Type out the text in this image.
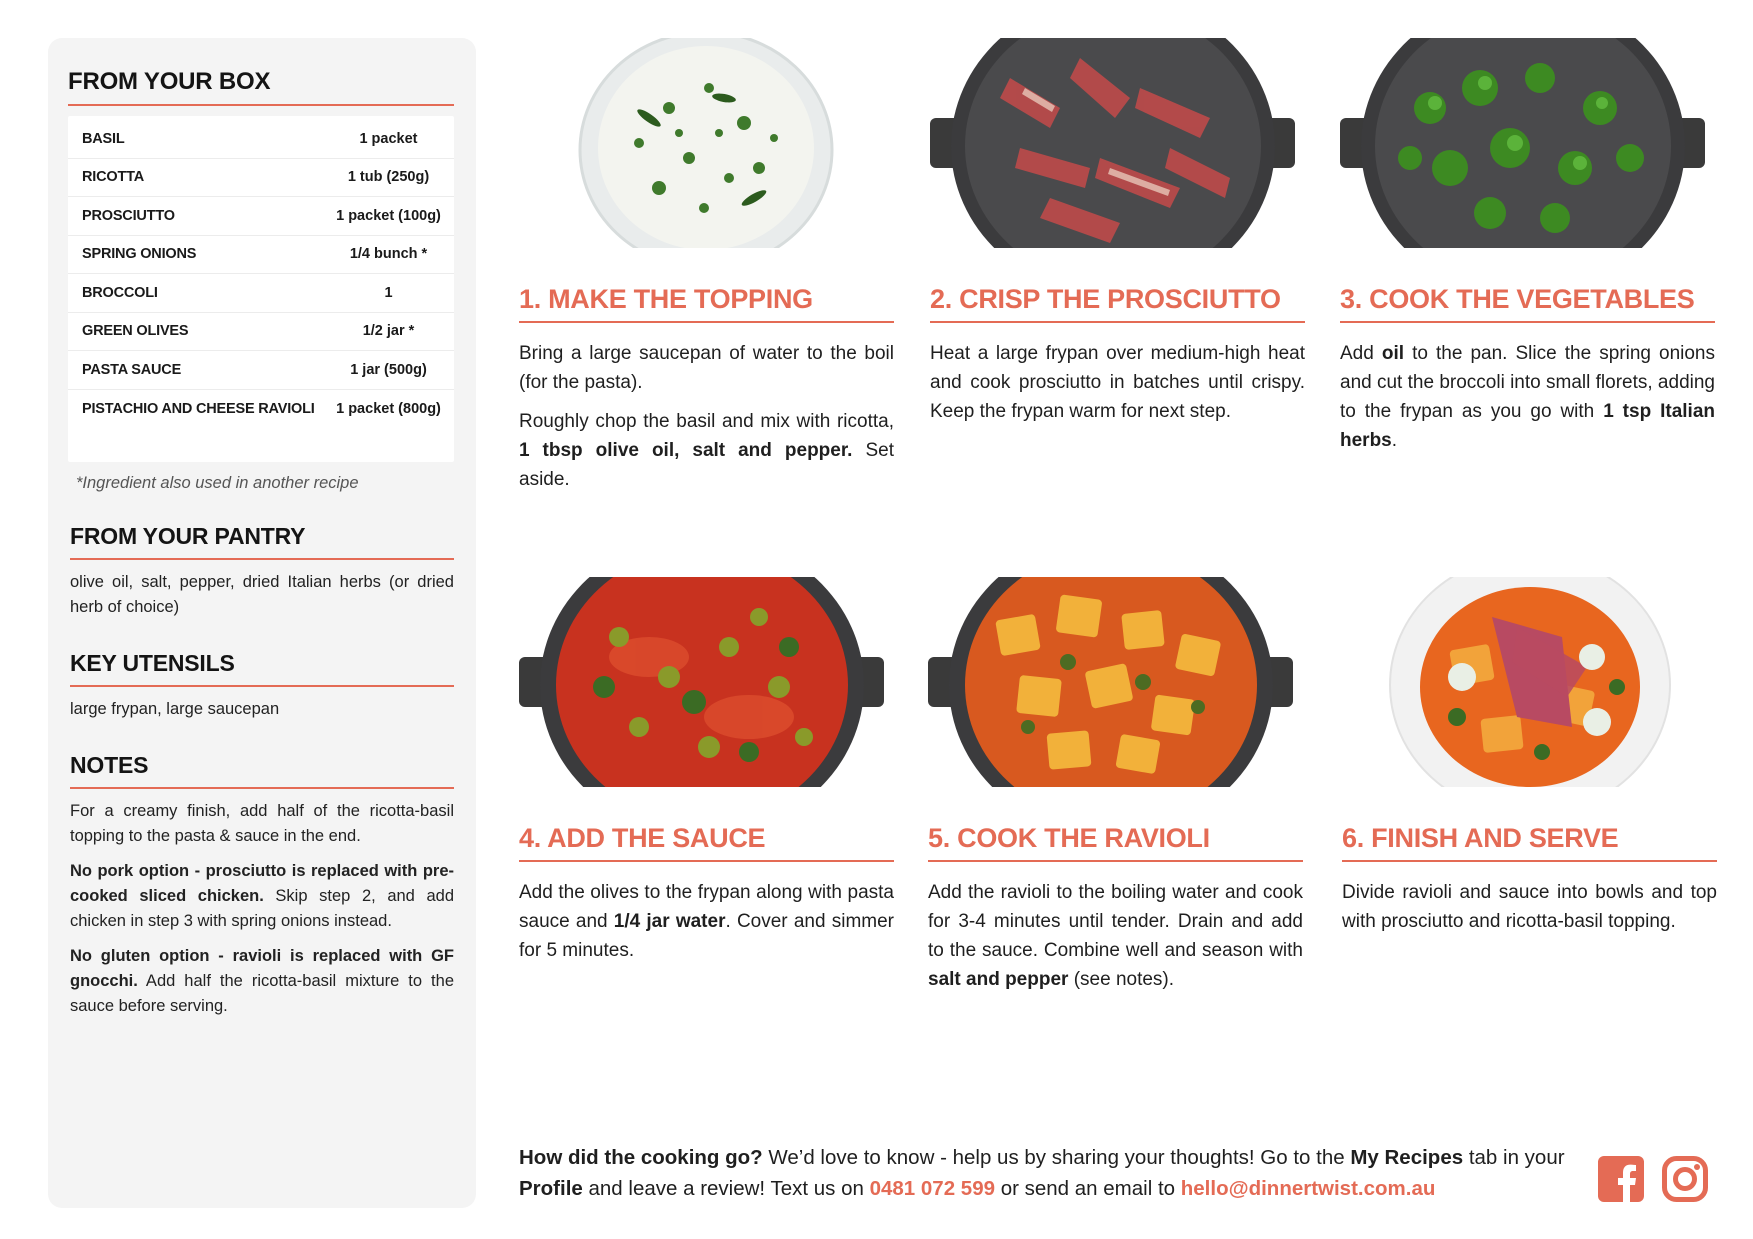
FROM YOUR BOX
BASIL	1 packet
RICOTTA	1 tub (250g)
PROSCIUTTO	1 packet (100g)
SPRING ONIONS	1/4 bunch *
BROCCOLI	1
GREEN OLIVES	1/2 jar *
PASTA SAUCE	1 jar (500g)
PISTACHIO AND CHEESE RAVIOLI	1 packet (800g)
*Ingredient also used in another recipe
FROM YOUR PANTRY

olive oil, salt, pepper, dried Italian herbs (or dried herb of choice)

KEY UTENSILS

large frypan, large saucepan

NOTES

For a creamy finish, add half of the ricotta-basil topping to the pasta & sauce in the end.

No pork option - prosciutto is replaced with pre-cooked sliced chicken. Skip step 2, and add chicken in step 3 with spring onions instead.

No gluten option - ravioli is replaced with GF gnocchi. Add half the ricotta-basil mixture to the sauce before serving.

1. MAKE THE TOPPING

Bring a large saucepan of water to the boil (for the pasta).

Roughly chop the basil and mix with ricotta, 1 tbsp olive oil, salt and pepper. Set aside.

2. CRISP THE PROSCIUTTO

Heat a large frypan over medium-high heat and cook prosciutto in batches until crispy. Keep the frypan warm for next step.

3. COOK THE VEGETABLES

Add oil to the pan. Slice the spring onions and cut the broccoli into small florets, adding to the frypan as you go with 1 tsp Italian herbs.

4. ADD THE SAUCE

Add the olives to the frypan along with pasta sauce and 1/4 jar water. Cover and simmer for 5 minutes.

5. COOK THE RAVIOLI

Add the ravioli to the boiling water and cook for 3-4 minutes until tender. Drain and add to the sauce. Combine well and season with salt and pepper (see notes).

6. FINISH AND SERVE

Divide ravioli and sauce into bowls and top with prosciutto and ricotta-basil topping.

How did the cooking go? We’d love to know - help us by sharing your thoughts! Go to the My Recipes tab in your Profile and leave a review! Text us on 0481 072 599 or send an email to hello@dinnertwist.com.au
